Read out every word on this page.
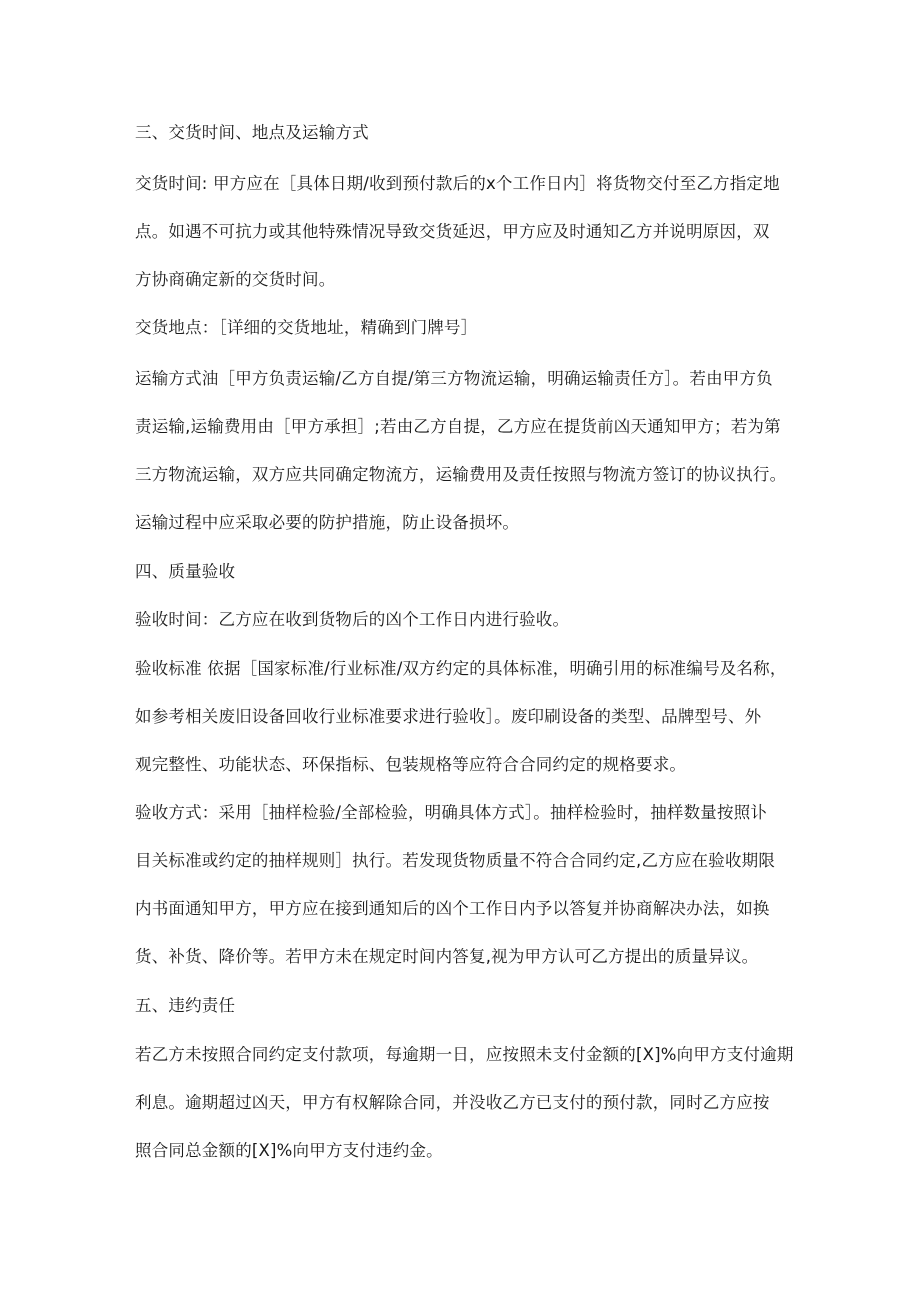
三、交货时间、地点及运输方式
交货时间: 甲方应在［具体日期/收到预付款后的x个工作日内］将货物交付至乙方指定地
点。如遇不可抗力或其他特殊情况导致交货延迟，甲方应及时通知乙方并说明原因，双
方协商确定新的交货时间。
交货地点：［详细的交货地址，精确到门牌号］
运输方式油［甲方负责运输/乙方自提/第三方物流运输，明确运输责任方］。若由甲方负
责运输,运输费用由［甲方承担］;若由乙方自提，乙方应在提货前凶天通知甲方；若为第
三方物流运输，双方应共同确定物流方，运输费用及责任按照与物流方签订的协议执行。
运输过程中应采取必要的防护措施，防止设备损坏。
四、质量验收
验收时间：乙方应在收到货物后的凶个工作日内进行验收。
验收标准 依据［国家标准/行业标准/双方约定的具体标准，明确引用的标准编号及名称，
如参考相关废旧设备回收行业标准要求进行验收］。废印刷设备的类型、品牌型号、外
观完整性、功能状态、环保指标、包装规格等应符合合同约定的规格要求。
验收方式：采用［抽样检验/全部检验，明确具体方式］。抽样检验时，抽样数量按照讣
目关标准或约定的抽样规则］执行。若发现货物质量不符合合同约定,乙方应在验收期限
内书面通知甲方，甲方应在接到通知后的凶个工作日内予以答复并协商解决办法，如换
货、补货、降价等。若甲方未在规定时间内答复,视为甲方认可乙方提出的质量异议。
五、违约责任
若乙方未按照合同约定支付款项，每逾期一日，应按照未支付金额的[X]%向甲方支付逾期
利息。逾期超过凶天，甲方有权解除合同，并没收乙方已支付的预付款，同时乙方应按
照合同总金额的[X]%向甲方支付违约金。
